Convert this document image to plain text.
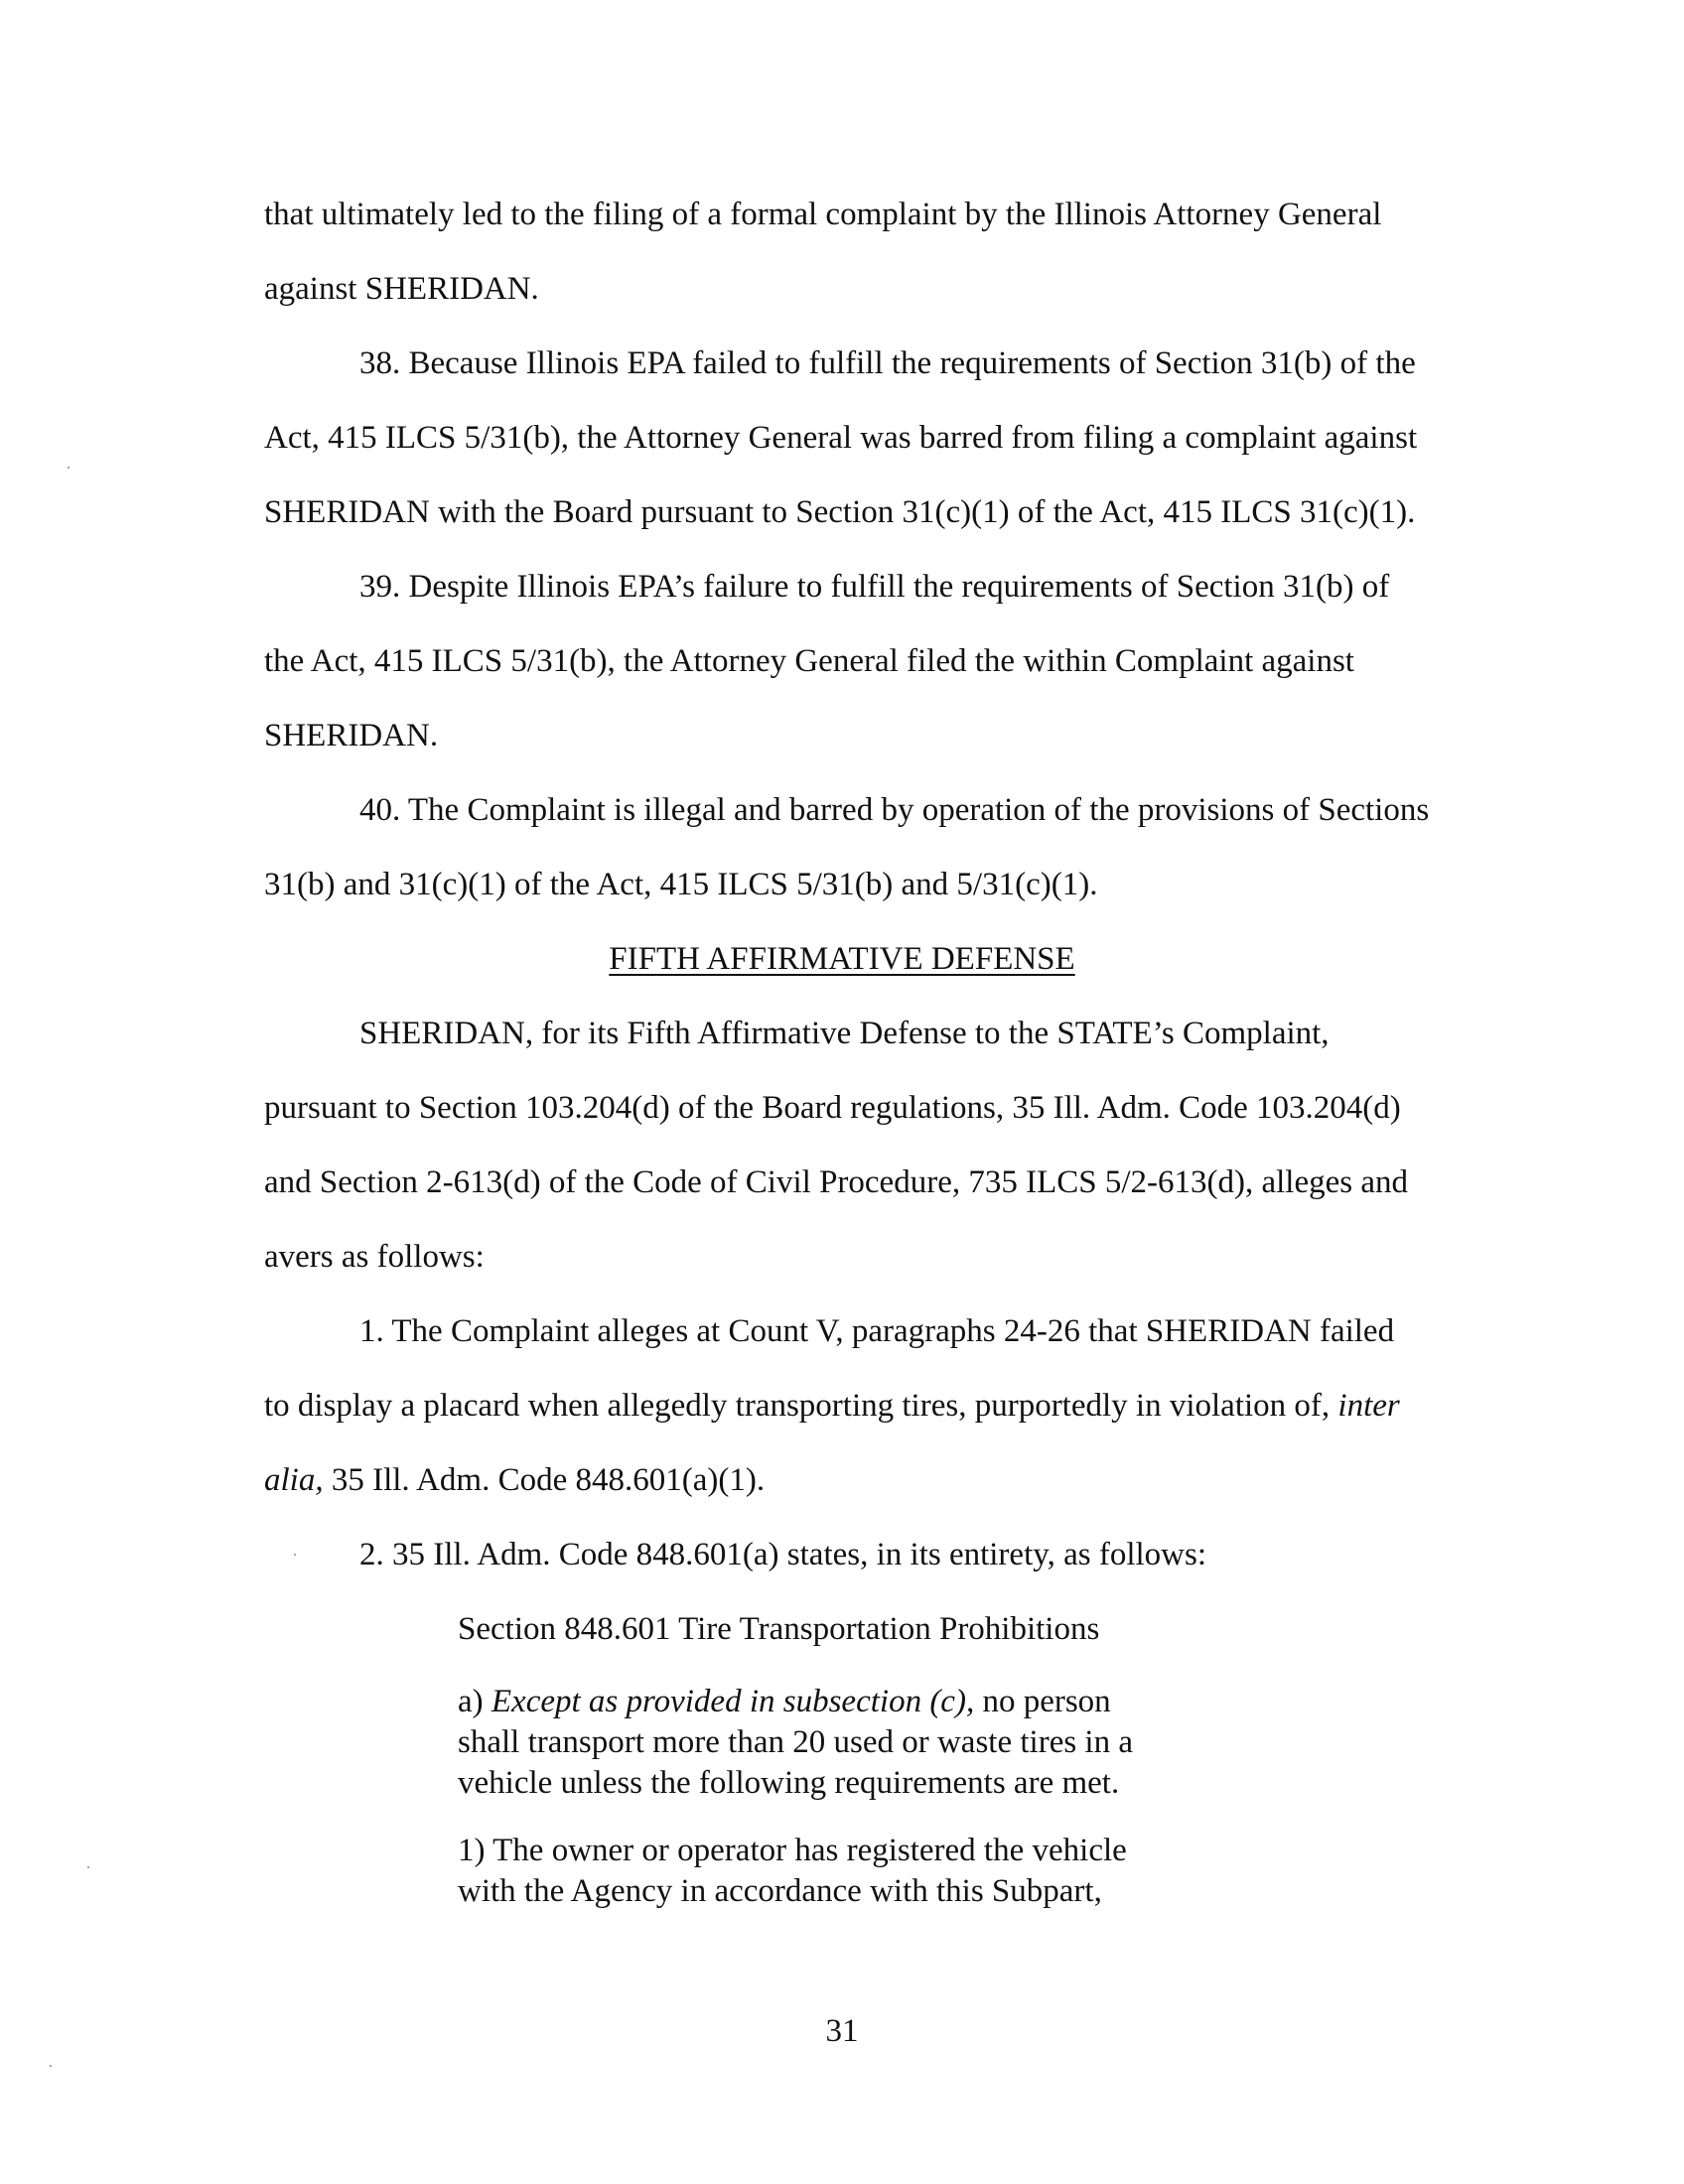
that ultimately led to the filing of a formal complaint by the Illinois Attorney General
against SHERIDAN.
38. Because Illinois EPA failed to fulfill the requirements of Section 31(b) of the
Act, 415 ILCS 5/31(b), the Attorney General was barred from filing a complaint against
SHERIDAN with the Board pursuant to Section 31(c)(1) of the Act, 415 ILCS 31(c)(1).
39. Despite Illinois EPA’s failure to fulfill the requirements of Section 31(b) of
the Act, 415 ILCS 5/31(b), the Attorney General filed the within Complaint against
SHERIDAN.
40. The Complaint is illegal and barred by operation of the provisions of Sections
31(b) and 31(c)(1) of the Act, 415 ILCS 5/31(b) and 5/31(c)(1).
FIFTH AFFIRMATIVE DEFENSE
SHERIDAN, for its Fifth Affirmative Defense to the STATE’s Complaint,
pursuant to Section 103.204(d) of the Board regulations, 35 Ill. Adm. Code 103.204(d)
and Section 2-613(d) of the Code of Civil Procedure, 735 ILCS 5/2-613(d), alleges and
avers as follows:
1. The Complaint alleges at Count V, paragraphs 24-26 that SHERIDAN failed
to display a placard when allegedly transporting tires, purportedly in violation of, inter
alia, 35 Ill. Adm. Code 848.601(a)(1).
2. 35 Ill. Adm. Code 848.601(a) states, in its entirety, as follows:
Section 848.601 Tire Transportation Prohibitions
a) Except as provided in subsection (c), no person
shall transport more than 20 used or waste tires in a
vehicle unless the following requirements are met.
1) The owner or operator has registered the vehicle
with the Agency in accordance with this Subpart,
31
